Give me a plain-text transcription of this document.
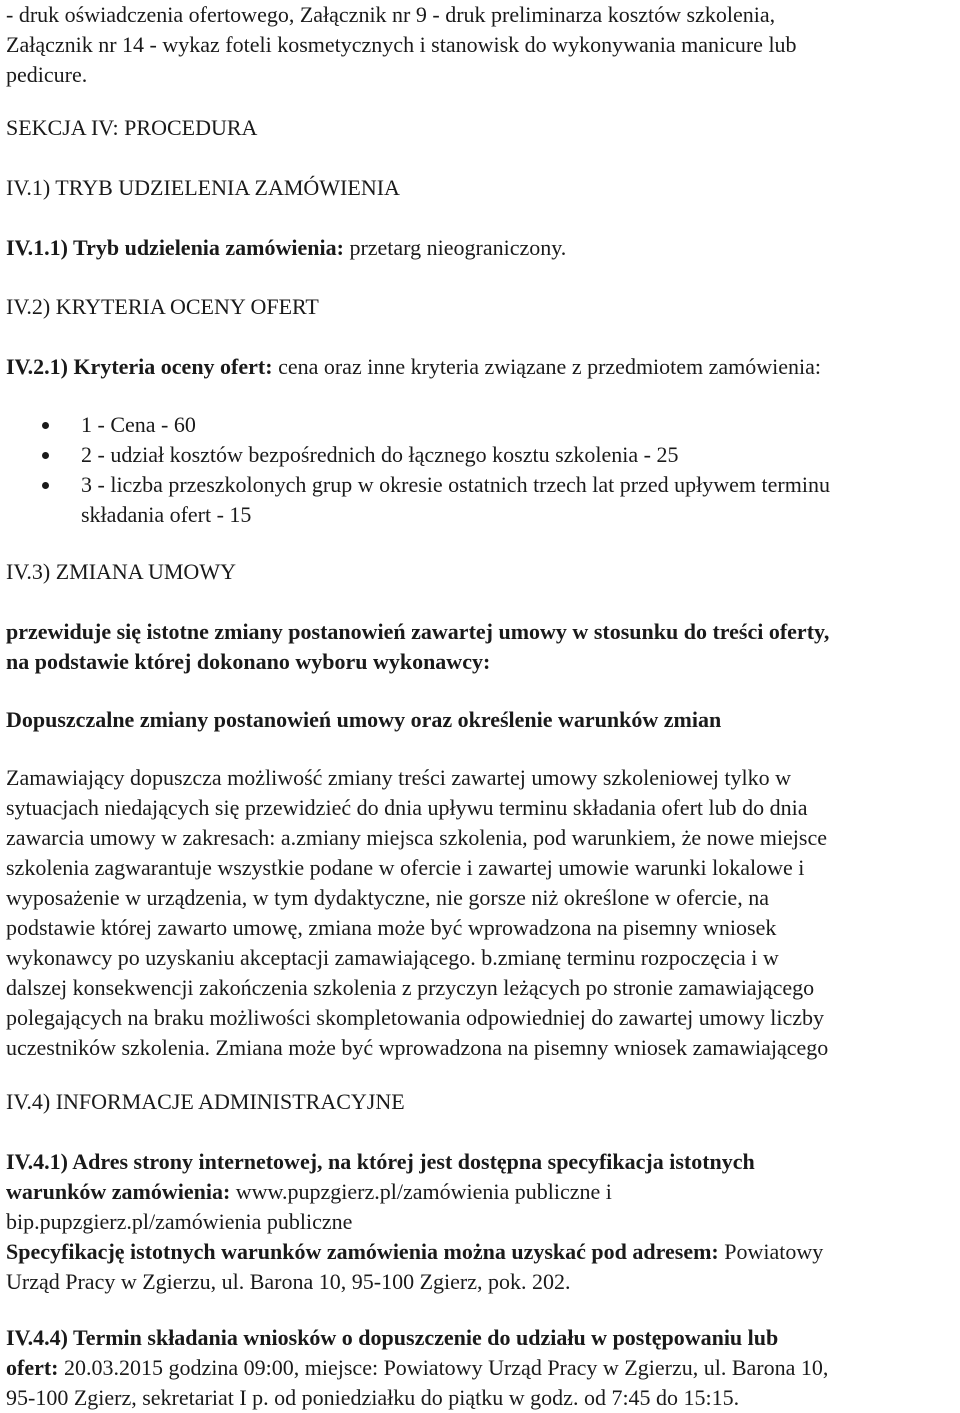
- druk oświadczenia ofertowego, Załącznik nr 9 - druk preliminarza kosztów szkolenia,
Załącznik nr 14 - wykaz foteli kosmetycznych i stanowisk do wykonywania manicure lub
pedicure.

SEKCJA IV: PROCEDURA

IV.1) TRYB UDZIELENIA ZAMÓWIENIA

IV.1.1) Tryb udzielenia zamówienia: przetarg nieograniczony.

IV.2) KRYTERIA OCENY OFERT

IV.2.1) Kryteria oceny ofert: cena oraz inne kryteria związane z przedmiotem zamówienia:

1 - Cena - 60
2 - udział kosztów bezpośrednich do łącznego kosztu szkolenia - 25
3 - liczba przeszkolonych grup w okresie ostatnich trzech lat przed upływem terminu
składania ofert - 15

IV.3) ZMIANA UMOWY

przewiduje się istotne zmiany postanowień zawartej umowy w stosunku do treści oferty,
na podstawie której dokonano wyboru wykonawcy:

Dopuszczalne zmiany postanowień umowy oraz określenie warunków zmian

Zamawiający dopuszcza możliwość zmiany treści zawartej umowy szkoleniowej tylko w
sytuacjach niedających się przewidzieć do dnia upływu terminu składania ofert lub do dnia
zawarcia umowy w zakresach: a.zmiany miejsca szkolenia, pod warunkiem, że nowe miejsce
szkolenia zagwarantuje wszystkie podane w ofercie i zawartej umowie warunki lokalowe i
wyposażenie w urządzenia, w tym dydaktyczne, nie gorsze niż określone w ofercie, na
podstawie której zawarto umowę, zmiana może być wprowadzona na pisemny wniosek
wykonawcy po uzyskaniu akceptacji zamawiającego. b.zmianę terminu rozpoczęcia i w
dalszej konsekwencji zakończenia szkolenia z przyczyn leżących po stronie zamawiającego
polegających na braku możliwości skompletowania odpowiedniej do zawartej umowy liczby
uczestników szkolenia. Zmiana może być wprowadzona na pisemny wniosek zamawiającego

IV.4) INFORMACJE ADMINISTRACYJNE

IV.4.1) Adres strony internetowej, na której jest dostępna specyfikacja istotnych
warunków zamówienia: www.pupzgierz.pl/zamówienia publiczne i
bip.pupzgierz.pl/zamówienia publiczne
Specyfikację istotnych warunków zamówienia można uzyskać pod adresem: Powiatowy
Urząd Pracy w Zgierzu, ul. Barona 10, 95-100 Zgierz, pok. 202.

IV.4.4) Termin składania wniosków o dopuszczenie do udziału w postępowaniu lub
ofert: 20.03.2015 godzina 09:00, miejsce: Powiatowy Urząd Pracy w Zgierzu, ul. Barona 10,
95-100 Zgierz, sekretariat I p. od poniedziałku do piątku w godz. od 7:45 do 15:15.
